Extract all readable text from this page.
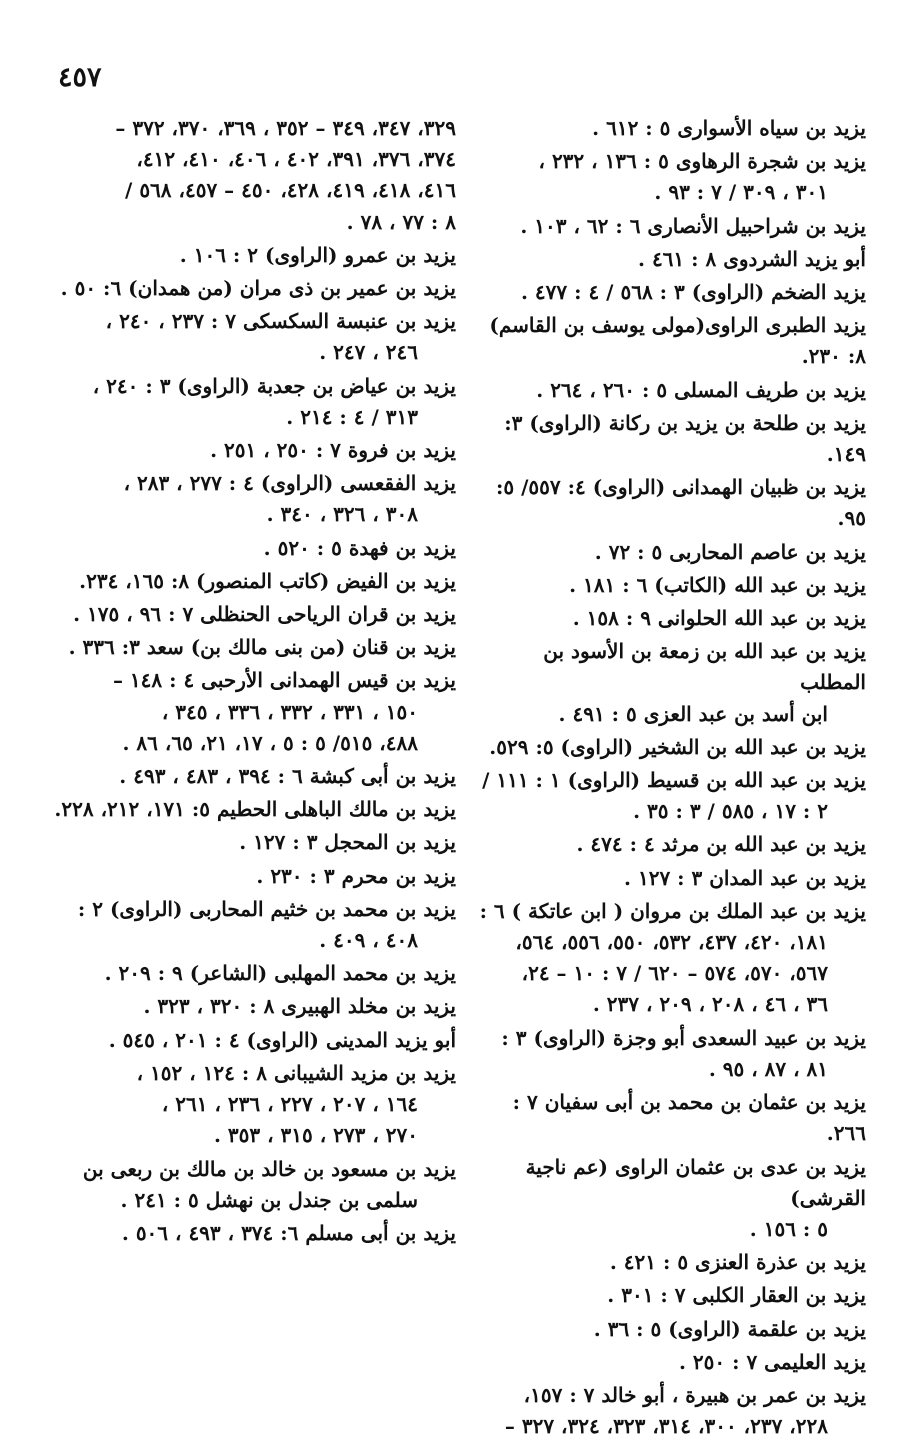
٤٥٧
يزيد بن سياه الأسوارى ٥ : ٦١٢ .
يزيد بن شجرة الرهاوى ٥ : ١٣٦ ، ٢٣٢ ،
٣٠١ ، ٣٠٩ / ٧ : ٩٣ .
يزيد بن شراحبيل الأنصارى ٦ : ٦٢ ، ١٠٣ .
أبو يزيد الشردوى ٨ : ٤٦١ .
يزيد الضخم (الراوى) ٣ : ٥٦٨ / ٤ : ٤٧٧ .
يزيد الطبرى الراوى(مولى يوسف بن القاسم) ٨: ٢٣٠.
يزيد بن طريف المسلى ٥ : ٢٦٠ ، ٢٦٤ .
يزيد بن طلحة بن يزيد بن ركانة (الراوى) ٣: ١٤٩.
يزيد بن ظبيان الهمدانى (الراوى) ٤: ٥٥٧/ ٥: ٩٥.
يزيد بن عاصم المحاربى ٥ : ٧٢ .
يزيد بن عبد الله (الكاتب) ٦ : ١٨١ .
يزيد بن عبد الله الحلوانى ٩ : ١٥٨ .
يزيد بن عبد الله بن زمعة بن الأسود بن المطلب
ابن أسد بن عبد العزى ٥ : ٤٩١ .
يزيد بن عبد الله بن الشخير (الراوى) ٥: ٥٢٩.
يزيد بن عبد الله بن قسيط (الراوى) ١ : ١١١ /
٢ : ١٧ ، ٥٨٥ / ٣ : ٣٥ .
يزيد بن عبد الله بن مرثد ٤ : ٤٧٤ .
يزيد بن عبد المدان ٣ : ١٢٧ .
يزيد بن عبد الملك بن مروان ( ابن عاتكة ) ٦ :
١٨١، ٤٢٠، ٤٣٧، ٥٣٢، ٥٥٠، ٥٥٦، ٥٦٤،
٥٦٧، ٥٧٠، ٥٧٤ – ٦٢٠ / ٧ : ١٠ – ٢٤،
٣٦ ، ٤٦ ، ٢٠٨ ، ٢٠٩ ، ٢٣٧ .
يزيد بن عبيد السعدى أبو وجزة (الراوى) ٣ :
٨١ ، ٨٧ ، ٩٥ .
يزيد بن عثمان بن محمد بن أبى سفيان ٧ : ٢٦٦.
يزيد بن عدى بن عثمان الراوى (عم ناجية القرشى)
٥ : ١٥٦ .
يزيد بن عذرة العنزى ٥ : ٤٢١ .
يزيد بن العقار الكلبى ٧ : ٣٠١ .
يزيد بن علقمة (الراوى) ٥ : ٣٦ .
يزيد العليمى ٧ : ٢٥٠ .
يزيد بن عمر بن هبيرة ، أبو خالد ٧ : ١٥٧،
٢٢٨، ٢٣٧، ٣٠٠، ٣١٤، ٣٢٣، ٣٢٤، ٣٢٧ –
٣٢٩، ٣٤٧، ٣٤٩ – ٣٥٢ ، ٣٦٩، ٣٧٠، ٣٧٢ –
٣٧٤، ٣٧٦، ٣٩١، ٤٠٢ ، ٤٠٦، ٤١٠، ٤١٢،
٤١٦، ٤١٨، ٤١٩، ٤٢٨، ٤٥٠ – ٤٥٧، ٥٦٨ /
٨ : ٧٧ ، ٧٨ .
يزيد بن عمرو (الراوى) ٢ : ١٠٦ .
يزيد بن عمير بن ذى مران (من همدان) ٦: ٥٠ .
يزيد بن عنبسة السكسكى ٧ : ٢٣٧ ، ٢٤٠ ،
٢٤٦ ، ٢٤٧ .
يزيد بن عياض بن جعدبة (الراوى) ٣ : ٢٤٠ ،
٣١٣ / ٤ : ٢١٤ .
يزيد بن فروة ٧ : ٢٥٠ ، ٢٥١ .
يزيد الفقعسى (الراوى) ٤ : ٢٧٧ ، ٢٨٣ ،
٣٠٨ ، ٣٢٦ ، ٣٤٠ .
يزيد بن فهدة ٥ : ٥٢٠ .
يزيد بن الفيض (كاتب المنصور) ٨: ١٦٥، ٢٣٤.
يزيد بن قران الرياحى الحنظلى ٧ : ٩٦ ، ١٧٥ .
يزيد بن قنان (من بنى مالك بن) سعد ٣: ٣٣٦ .
يزيد بن قيس الهمدانى الأرحبى ٤ : ١٤٨ –
١٥٠ ، ٣٣١ ، ٣٣٢ ، ٣٣٦ ، ٣٤٥ ،
٤٨٨، ٥١٥/ ٥ : ٥ ، ١٧، ٢١، ٦٥، ٨٦ .
يزيد بن أبى كبشة ٦ : ٣٩٤ ، ٤٨٣ ، ٤٩٣ .
يزيد بن مالك الباهلى الحطيم ٥: ١٧١، ٢١٢، ٢٢٨.
يزيد بن المحجل ٣ : ١٢٧ .
يزيد بن محرم ٣ : ٢٣٠ .
يزيد بن محمد بن خثيم المحاربى (الراوى) ٢ :
٤٠٨ ، ٤٠٩ .
يزيد بن محمد المهلبى (الشاعر) ٩ : ٢٠٩ .
يزيد بن مخلد الهبيرى ٨ : ٣٢٠ ، ٣٢٣ .
أبو يزيد المدينى (الراوى) ٤ : ٢٠١ ، ٥٤٥ .
يزيد بن مزيد الشيبانى ٨ : ١٢٤ ، ١٥٢ ،
١٦٤ ، ٢٠٧ ، ٢٢٧ ، ٢٣٦ ، ٢٦١ ،
٢٧٠ ، ٢٧٣ ، ٣١٥ ، ٣٥٣ .
يزيد بن مسعود بن خالد بن مالك بن ربعى بن
سلمى بن جندل بن نهشل ٥ : ٢٤١ .
يزيد بن أبى مسلم ٦: ٣٧٤ ، ٤٩٣ ، ٥٠٦ .
